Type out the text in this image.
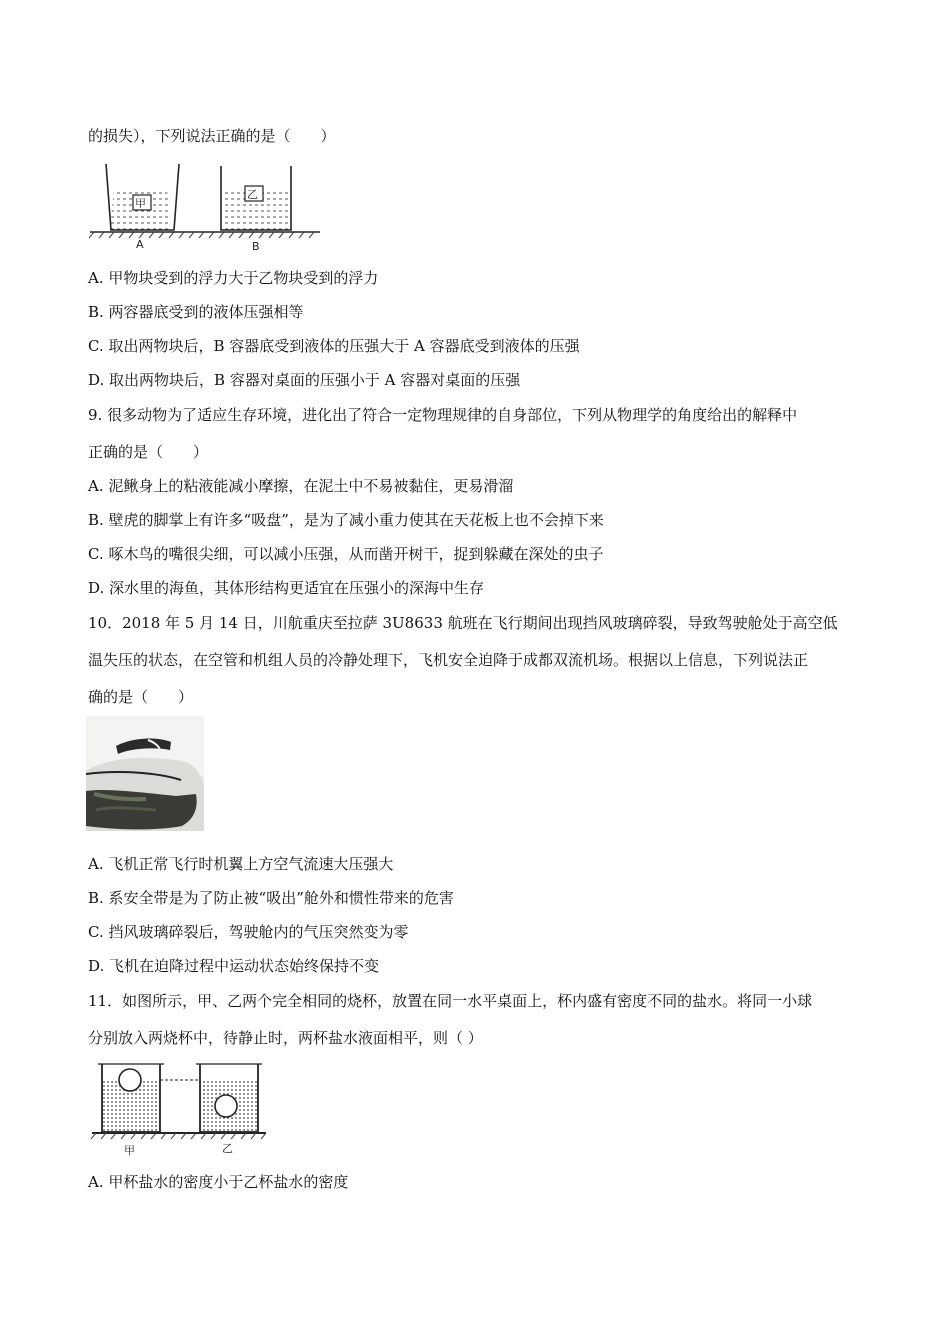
的损失），下列说法正确的是（　　）
甲
乙
A	B
A. 甲物块受到的浮力大于乙物块受到的浮力
B. 两容器底受到的液体压强相等
C. 取出两物块后，B 容器底受到液体的压强大于 A 容器底受到液体的压强
D. 取出两物块后，B 容器对桌面的压强小于 A 容器对桌面的压强
9. 很多动物为了适应生存环境，进化出了符合一定物理规律的自身部位，下列从物理学的角度给出的解释中
正确的是（　　）
A. 泥鳅身上的粘液能减小摩擦，在泥土中不易被黏住，更易滑溜
B. 壁虎的脚掌上有许多“吸盘”，是为了减小重力使其在天花板上也不会掉下来
C. 啄木鸟的嘴很尖细，可以减小压强，从而凿开树干，捉到躲藏在深处的虫子
D. 深水里的海鱼，其体形结构更适宜在压强小的深海中生存
10．2018 年 5 月 14 日，川航重庆至拉萨 3U8633 航班在飞行期间出现挡风玻璃碎裂，导致驾驶舱处于高空低
温失压的状态，在空管和机组人员的冷静处理下，飞机安全迫降于成都双流机场。根据以上信息，下列说法正
确的是（　　）
A. 飞机正常飞行时机翼上方空气流速大压强大
B. 系安全带是为了防止被“吸出”舱外和惯性带来的危害
C. 挡风玻璃碎裂后，驾驶舱内的气压突然变为零
D. 飞机在迫降过程中运动状态始终保持不变
11．如图所示，甲、乙两个完全相同的烧杯，放置在同一水平桌面上，杯内盛有密度不同的盐水。将同一小球
分别放入两烧杯中，待静止时，两杯盐水液面相平，则（ ）
甲	乙
A. 甲杯盐水的密度小于乙杯盐水的密度
